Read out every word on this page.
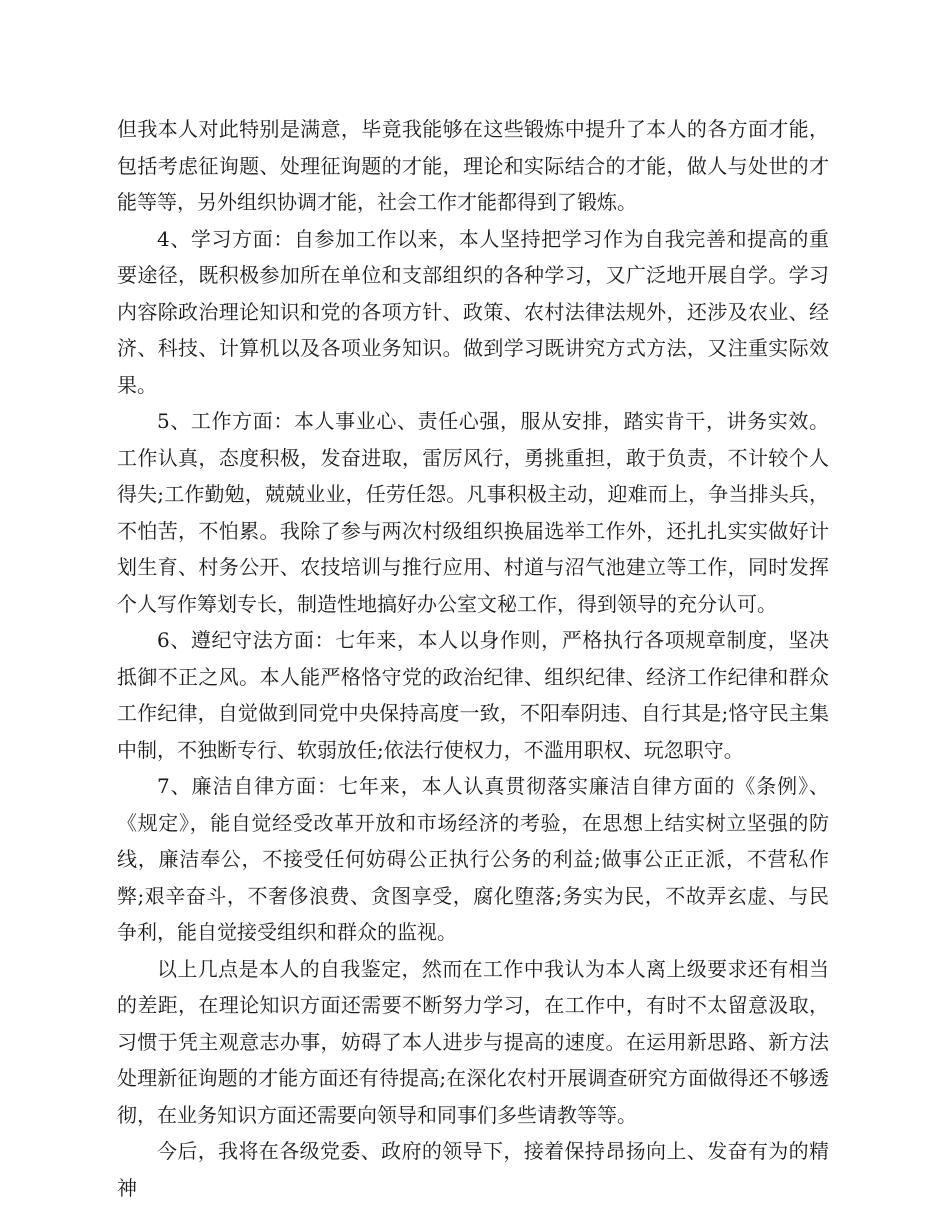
但我本人对此特别是满意，毕竟我能够在这些锻炼中提升了本人的各方面才能，包括考虑征询题、处理征询题的才能，理论和实际结合的才能，做人与处世的才能等等，另外组织协调才能，社会工作才能都得到了锻炼。

4、学习方面：自参加工作以来，本人坚持把学习作为自我完善和提高的重要途径，既积极参加所在单位和支部组织的各种学习，又广泛地开展自学。学习内容除政治理论知识和党的各项方针、政策、农村法律法规外，还涉及农业、经济、科技、计算机以及各项业务知识。做到学习既讲究方式方法，又注重实际效果。

5、工作方面：本人事业心、责任心强，服从安排，踏实肯干，讲务实效。工作认真，态度积极，发奋进取，雷厉风行，勇挑重担，敢于负责，不计较个人得失;工作勤勉，兢兢业业，任劳任怨。凡事积极主动，迎难而上，争当排头兵，不怕苦，不怕累。我除了参与两次村级组织换届选举工作外，还扎扎实实做好计划生育、村务公开、农技培训与推行应用、村道与沼气池建立等工作，同时发挥个人写作筹划专长，制造性地搞好办公室文秘工作，得到领导的充分认可。

6、遵纪守法方面：七年来，本人以身作则，严格执行各项规章制度，坚决抵御不正之风。本人能严格恪守党的政治纪律、组织纪律、经济工作纪律和群众工作纪律，自觉做到同党中央保持高度一致，不阳奉阴违、自行其是;恪守民主集中制，不独断专行、软弱放任;依法行使权力，不滥用职权、玩忽职守。

7、廉洁自律方面：七年来，本人认真贯彻落实廉洁自律方面的《条例》、《规定》，能自觉经受改革开放和市场经济的考验，在思想上结实树立坚强的防线，廉洁奉公，不接受任何妨碍公正执行公务的利益;做事公正正派，不营私作弊;艰辛奋斗，不奢侈浪费、贪图享受，腐化堕落;务实为民，不故弄玄虚、与民争利，能自觉接受组织和群众的监视。

以上几点是本人的自我鉴定，然而在工作中我认为本人离上级要求还有相当的差距，在理论知识方面还需要不断努力学习，在工作中，有时不太留意汲取，习惯于凭主观意志办事，妨碍了本人进步与提高的速度。在运用新思路、新方法处理新征询题的才能方面还有待提高;在深化农村开展调查研究方面做得还不够透彻，在业务知识方面还需要向领导和同事们多些请教等等。

今后，我将在各级党委、政府的领导下，接着保持昂扬向上、发奋有为的精神
